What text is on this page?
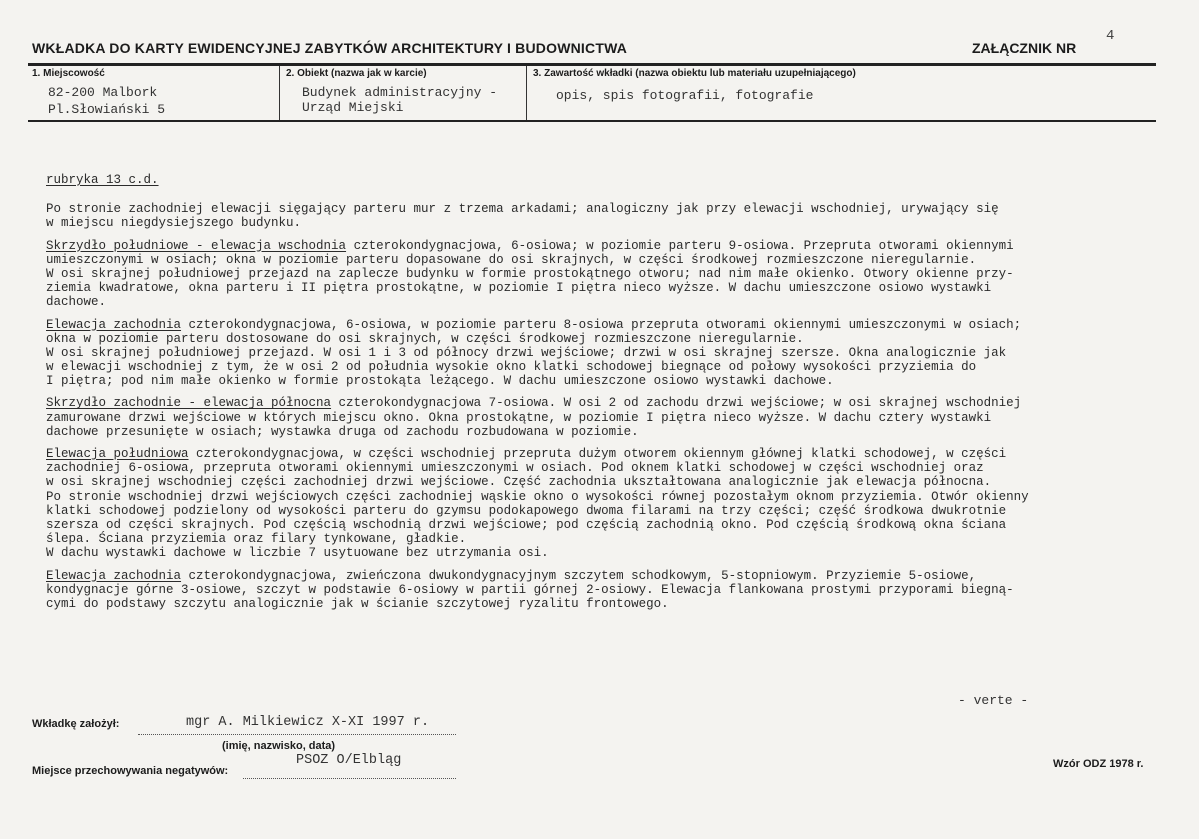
4
WKŁADKA DO KARTY EWIDENCYJNEJ ZABYTKÓW ARCHITEKTURY I BUDOWNICTWA	ZAŁĄCZNIK NR
1. Miejscowość
82-200 Malbork
Pl.Słowiański 5
2. Obiekt (nazwa jak w karcie)
Budynek administracyjny -
Urząd Miejski
3. Zawartość wkładki (nazwa obiektu lub materiału uzupełniającego)
opis, spis fotografii, fotografie
rubryka 13 c.d.
Po stronie zachodniej elewacji sięgający parteru mur z trzema arkadami; analogiczny jak przy elewacji wschodniej, urywający się
w miejscu niegdysiejszego budynku.
Skrzydło południowe - elewacja wschodnia czterokondygnacjowa, 6-osiowa; w poziomie parteru 9-osiowa. Przepruta otworami okiennymi
umieszczonymi w osiach; okna w poziomie parteru dopasowane do osi skrajnych, w części środkowej rozmieszczone nieregularnie.
W osi skrajnej południowej przejazd na zaplecze budynku w formie prostokątnego otworu; nad nim małe okienko. Otwory okienne przy-
ziemia kwadratowe, okna parteru i II piętra prostokątne, w poziomie I piętra nieco wyższe. W dachu umieszczone osiowo wystawki
dachowe.
Elewacja zachodnia czterokondygnacjowa, 6-osiowa, w poziomie parteru 8-osiowa przepruta otworami okiennymi umieszczonymi w osiach;
okna w poziomie parteru dostosowane do osi skrajnych, w części środkowej rozmieszczone nieregularnie.
W osi skrajnej południowej przejazd. W osi 1 i 3 od północy drzwi wejściowe; drzwi w osi skrajnej szersze. Okna analogicznie jak
w elewacji wschodniej z tym, że w osi 2 od południa wysokie okno klatki schodowej biegnące od połowy wysokości przyziemia do
I piętra; pod nim małe okienko w formie prostokąta leżącego. W dachu umieszczone osiowo wystawki dachowe.
Skrzydło zachodnie - elewacja północna czterokondygnacjowa 7-osiowa. W osi 2 od zachodu drzwi wejściowe; w osi skrajnej wschodniej
zamurowane drzwi wejściowe w których miejscu okno. Okna prostokątne, w poziomie I piętra nieco wyższe. W dachu cztery wystawki
dachowe przesunięte w osiach; wystawka druga od zachodu rozbudowana w poziomie.
Elewacja południowa czterokondygnacjowa, w części wschodniej przepruta dużym otworem okiennym głównej klatki schodowej, w części
zachodniej 6-osiowa, przepruta otworami okiennymi umieszczonymi w osiach. Pod oknem klatki schodowej w części wschodniej oraz
w osi skrajnej wschodniej części zachodniej drzwi wejściowe. Część zachodnia ukształtowana analogicznie jak elewacja północna.
Po stronie wschodniej drzwi wejściowych części zachodniej wąskie okno o wysokości równej pozostałym oknom przyziemia. Otwór okienny
klatki schodowej podzielony od wysokości parteru do gzymsu podokapowego dwoma filarami na trzy części; część środkowa dwukrotnie
szersza od części skrajnych. Pod częścią wschodnią drzwi wejściowe; pod częścią zachodnią okno. Pod częścią środkową okna ściana
ślepa. Ściana przyziemia oraz filary tynkowane, gładkie.
W dachu wystawki dachowe w liczbie 7 usytuowane bez utrzymania osi.
Elewacja zachodnia czterokondygnacjowa, zwieńczona dwukondygnacyjnym szczytem schodkowym, 5-stopniowym. Przyziemie 5-osiowe,
kondygnacje górne 3-osiowe, szczyt w podstawie 6-osiowy w partii górnej 2-osiowy. Elewacja flankowana prostymi przyporami biegną-
cymi do podstawy szczytu analogicznie jak w ścianie szczytowej ryzalitu frontowego.
- verte -
Wkładkę założył:	mgr A. Milkiewicz X-XI 1997 r.
(imię, nazwisko, data)
Miejsce przechowywania negatywów:
PSOZ O/Elbląg	Wzór ODZ 1978 r.
